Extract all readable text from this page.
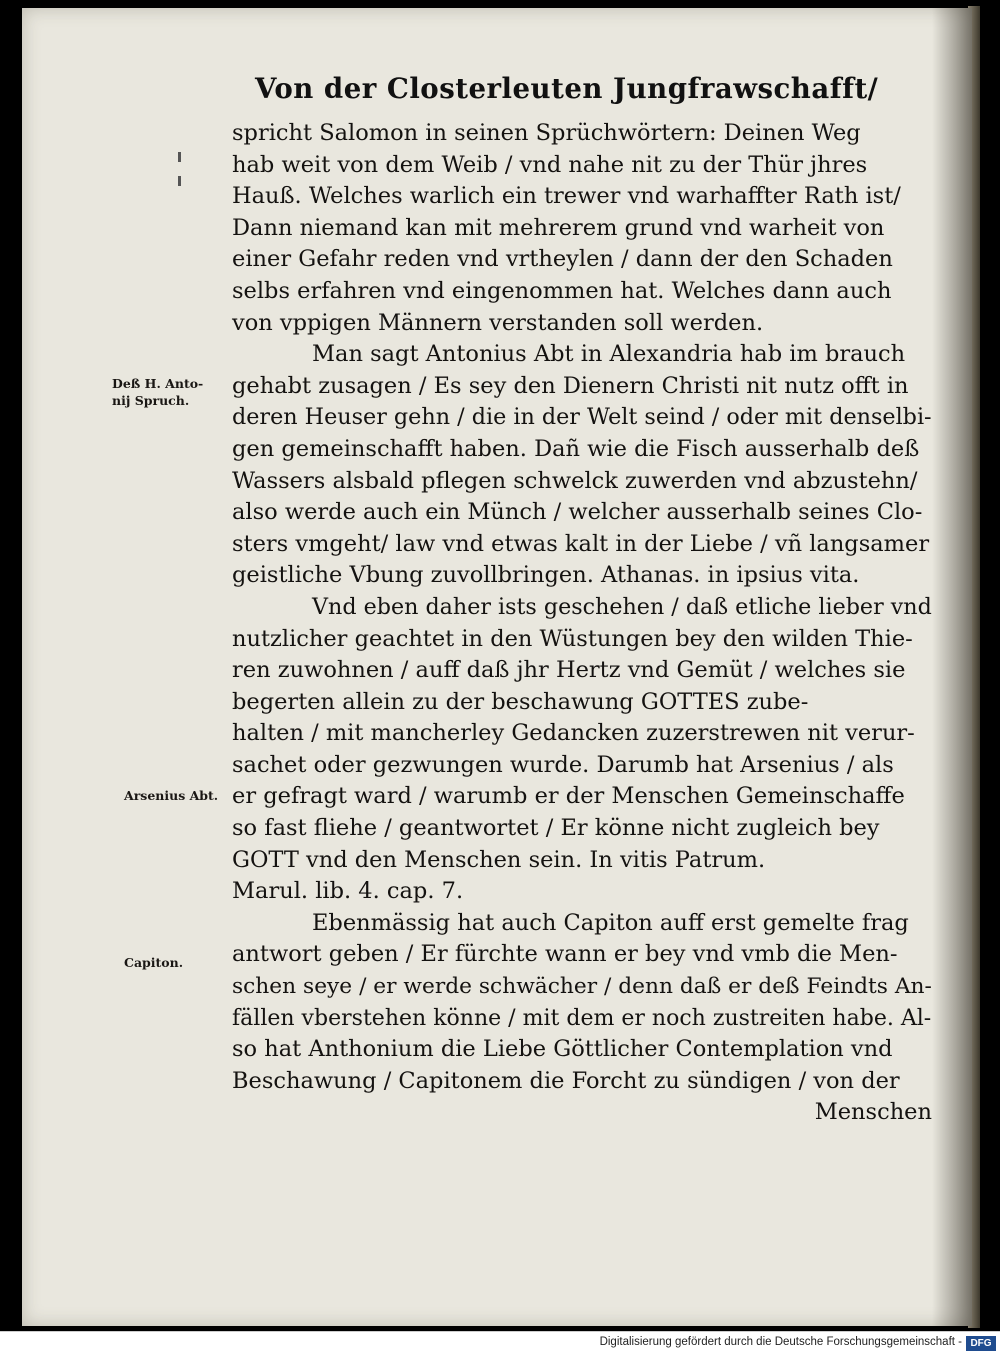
Von der Closterleuten Jungfrawschafft/
spricht Salomon in seinen Sprüchwörtern: Deinen Weg
hab weit von dem Weib / vnd nahe nit zu der Thür jhres
Hauß. Welches warlich ein trewer vnd warhaffter Rath ist/
Dann niemand kan mit mehrerem grund vnd warheit von
einer Gefahr reden vnd vrtheylen / dann der den Schaden
selbs erfahren vnd eingenommen hat. Welches dann auch
von vppigen Männern verstanden soll werden.
Man sagt Antonius Abt in Alexandria hab im brauch
gehabt zusagen / Es sey den Dienern Christi nit nutz offt in
deren Heuser gehn / die in der Welt seind / oder mit denselbi-
gen gemeinschafft haben. Dañ wie die Fisch ausserhalb deß
Wassers alsbald pflegen schwelck zuwerden vnd abzustehn/
also werde auch ein Münch / welcher ausserhalb seines Clo-
sters vmgeht/ law vnd etwas kalt in der Liebe / vñ langsamer
geistliche Vbung zuvollbringen. Athanas. in ipsius vita.
Vnd eben daher ists geschehen / daß etliche lieber vnd
nutzlicher geachtet in den Wüstungen bey den wilden Thie-
ren zuwohnen / auff daß jhr Hertz vnd Gemüt / welches sie
begerten allein zu der beschawung GOTTES zube-
halten / mit mancherley Gedancken zuzerstrewen nit verur-
sachet oder gezwungen wurde. Darumb hat Arsenius / als
er gefragt ward / warumb er der Menschen Gemeinschaffe
so fast fliehe / geantwortet / Er könne nicht zugleich bey
GOTT vnd den Menschen sein. In vitis Patrum.
Marul. lib. 4. cap. 7.
Ebenmässig hat auch Capiton auff erst gemelte frag
antwort geben / Er fürchte wann er bey vnd vmb die Men-
schen seye / er werde schwächer / denn daß er deß Feindts An-
fällen vberstehen könne / mit dem er noch zustreiten habe. Al-
so hat Anthonium die Liebe Göttlicher Contemplation vnd
Beschawung / Capitonem die Forcht zu sündigen / von der
Menschen
Deß H. Anto-
nij Spruch.
Arsenius Abt.
Capiton.
Digitalisierung gefördert durch die Deutsche Forschungsgemeinschaft - DFG
